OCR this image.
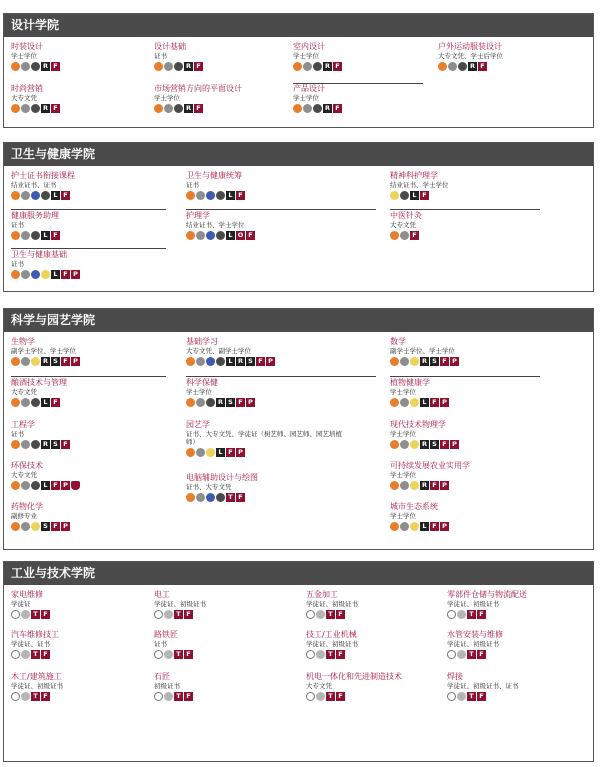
设计学院
卫生与健康学院
科学与园艺学院
工业与技术学院
时装设计
学士学位
R F
设计基础
证书
R F
室内设计
学士学位
R F
户外运动服装设计
大专文凭、学士后学位
R F
时尚营销
大专文凭
R F
市场营销方向的平面设计
学士学位
R F
产品设计
学士学位
R F
护士证书衔接课程
结业证书、证书
L F
卫生与健康统筹
证书
L F
精神科护理学
结业证书、学士学位
L F
健康服务助理
证书
L F
护理学
结业证书、学士学位
L O F
中医针灸
大专文凭
F
卫生与健康基础
证书
L F P
生物学
副学士学位、学士学位
R S F P
基础学习
大专文凭、副学士学位
L R S F P
数学
副学士学位、学士学位
R S F P
酿酒技术与管理
大专文凭
L F
科学保健
学士学位
R S F P
植物健康学
学士学位
L F P
工程学
证书
R S F
园艺学
证书、大专文凭、学徒证（树艺师、园艺师、园艺培植师）
L F P
现代技术物理学
学士学位
R S F P
环保技术
大专文凭
L F P
电脑辅助设计与绘图
证书、大专文凭
T F
可持续发展农业实用学
学士学位
R F P
药物化学
副修专业
S F P
城市生态系统
学士学位
L F P
家电维修
学徒证
T F
电工
学徒证、初级证书
T F
五金加工
学徒证、初级证书
T F
零部件仓储与物流配送
学徒证、初级证书
T F
汽车维修技工
学徒证、证书
T F
路铁匠
证书
T F
技工/工业机械
学徒证、初级证书
T F
水管安装与维修
学徒证、初级证书
T F
木工/建筑施工
学徒证、初级证书
T F
石匠
初级证书
T F
机电一体化和先进制造技术
大专文凭
T F
焊接
学徒证、初级证书、证书
T F
